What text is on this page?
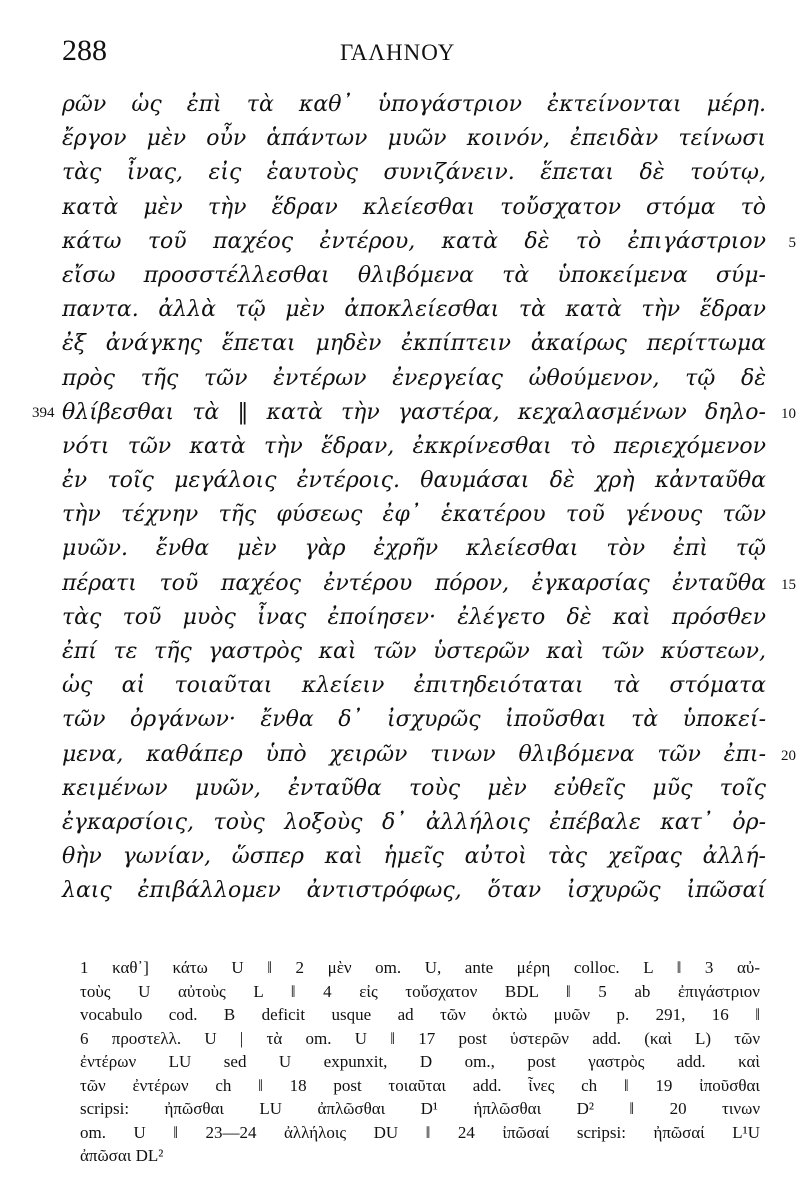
288	ΓΑΛΗΝΟΥ
ρῶν ὡς ἐπὶ τὰ καθ᾽ ὑπογάστριον ἐκτείνονται μέρη.
ἔργον μὲν οὖν ἁπάντων μυῶν κοινόν, ἐπειδὰν τείνωσι
τὰς ἶνας, εἰς ἑαυτοὺς συνιζάνειν. ἕπεται δὲ τούτῳ,
κατὰ μὲν τὴν ἕδραν κλείεσθαι τοὔσχατον στόμα τὸ
κάτω τοῦ παχέος ἐντέρου, κατὰ δὲ τὸ ἐπιγάστριον 5
εἴσω προσστέλλεσθαι θλιβόμενα τὰ ὑποκείμενα σύμ-
παντα. ἀλλὰ τῷ μὲν ἀποκλείεσθαι τὰ κατὰ τὴν ἕδραν
ἐξ ἀνάγκης ἕπεται μηδὲν ἐκπίπτειν ἀκαίρως περίττωμα
πρὸς τῆς τῶν ἐντέρων ἐνεργείας ὠθούμενον, τῷ δὲ
θλίβεσθαι τὰ ‖ κατὰ τὴν γαστέρα, κεχαλασμένων δηλο-
394	10
νότι τῶν κατὰ τὴν ἕδραν, ἐκκρίνεσθαι τὸ περιεχόμενον
ἐν τοῖς μεγάλοις ἐντέροις. θαυμάσαι δὲ χρὴ κἀνταῦθα
τὴν τέχνην τῆς φύσεως ἐφ᾽ ἑκατέρου τοῦ γένους τῶν
μυῶν. ἔνθα μὲν γὰρ ἐχρῆν κλείεσθαι τὸν ἐπὶ τῷ
πέρατι τοῦ παχέος ἐντέρου πόρον, ἐγκαρσίας ἐνταῦθα 15
τὰς τοῦ μυὸς ἶνας ἐποίησεν· ἐλέγετο δὲ καὶ πρόσθεν
ἐπί τε τῆς γαστρὸς καὶ τῶν ὑστερῶν καὶ τῶν κύστεων,
ὡς αἱ τοιαῦται κλείειν ἐπιτηδειόταται τὰ στόματα
τῶν ὀργάνων· ἔνθα δ᾽ ἰσχυρῶς ἰποῦσθαι τὰ ὑποκεί-
μενα, καθάπερ ὑπὸ χειρῶν τινων θλιβόμενα τῶν ἐπι- 20
κειμένων μυῶν, ἐνταῦθα τοὺς μὲν εὐθεῖς μῦς τοῖς
ἐγκαρσίοις, τοὺς λοξοὺς δ᾽ ἀλλήλοις ἐπέβαλε κατ᾽ ὀρ-
θὴν γωνίαν, ὥσπερ καὶ ἡμεῖς αὐτοὶ τὰς χεῖρας ἀλλή-
λαις ἐπιβάλλομεν ἀντιστρόφως, ὅταν ἰσχυρῶς ἰπῶσαί
1 καθ᾽] κάτω U ‖ 2 μὲν om. U, ante μέρη colloc. L ‖ 3 αὐ-
τοὺς U αὐτοὺς L ‖ 4 εἰς τοὔσχατον BDL ‖ 5 ab ἐπιγάστριον
vocabulo cod. B deficit usque ad τῶν ὀκτὼ μυῶν p. 291, 16 ‖
6 προστελλ. U | τὰ om. U ‖ 17 post ὑστερῶν add. (καὶ L) τῶν
ἐντέρων LU sed U expunxit, D om., post γαστρὸς add. καὶ
τῶν ἐντέρων ch ‖ 18 post τοιαῦται add. ἶνες ch ‖ 19 ἰποῦσθαι
scripsi: ἠπῶσθαι LU ἀπλῶσθαι D¹ ἡπλῶσθαι D² ‖ 20 τινων
om. U ‖ 23—24 ἀλλήλοις DU ‖ 24 ἰπῶσαί scripsi: ἠπῶσαί L¹U
ἀπῶσαι DL²
